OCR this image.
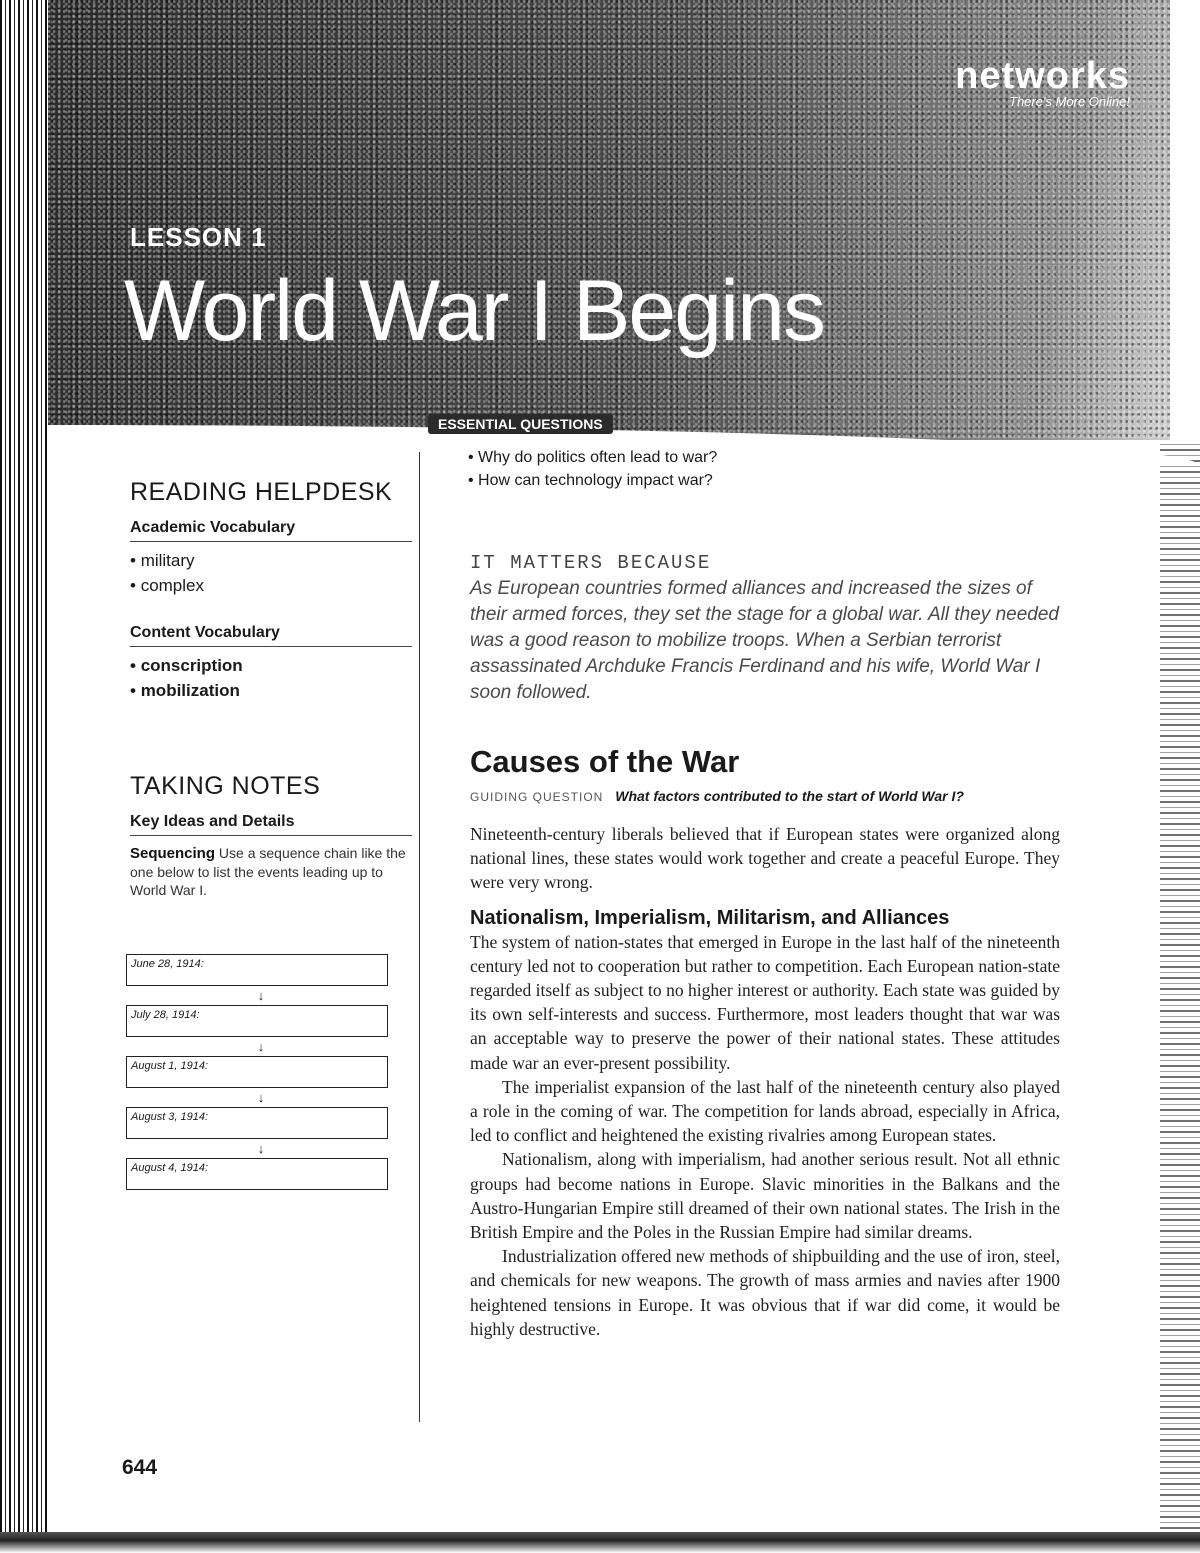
networks
There's More Online!
LESSON 1
World War I Begins
ESSENTIAL QUESTIONS
• Why do politics often lead to war?
• How can technology impact war?
READING HELPDESK
Academic Vocabulary
• military
• complex
Content Vocabulary
• conscription
• mobilization
TAKING NOTES
Key Ideas and Details
Sequencing Use a sequence chain like the one below to list the events leading up to World War I.
June 28, 1914:
↓
July 28, 1914:
↓
August 1, 1914:
↓
August 3, 1914:
↓
August 4, 1914:
IT MATTERS BECAUSE
As European countries formed alliances and increased the sizes of their armed forces, they set the stage for a global war. All they needed was a good reason to mobilize troops. When a Serbian terrorist assassinated Archduke Francis Ferdinand and his wife, World War I soon followed.
Causes of the War
GUIDING QUESTION What factors contributed to the start of World War I?

Nineteenth-century liberals believed that if European states were organized along national lines, these states would work together and create a peaceful Europe. They were very wrong.

Nationalism, Imperialism, Militarism, and Alliances

The system of nation-states that emerged in Europe in the last half of the nineteenth century led not to cooperation but rather to competition. Each European nation-state regarded itself as subject to no higher interest or authority. Each state was guided by its own self-interests and success. Furthermore, most leaders thought that war was an acceptable way to preserve the power of their national states. These attitudes made war an ever-present possibility.

The imperialist expansion of the last half of the nineteenth century also played a role in the coming of war. The competition for lands abroad, especially in Africa, led to conflict and heightened the existing rivalries among European states.

Nationalism, along with imperialism, had another serious result. Not all ethnic groups had become nations in Europe. Slavic minorities in the Balkans and the Austro-Hungarian Empire still dreamed of their own national states. The Irish in the British Empire and the Poles in the Russian Empire had similar dreams.

Industrialization offered new methods of shipbuilding and the use of iron, steel, and chemicals for new weapons. The growth of mass armies and navies after 1900 heightened tensions in Europe. It was obvious that if war did come, it would be highly destructive.

644
